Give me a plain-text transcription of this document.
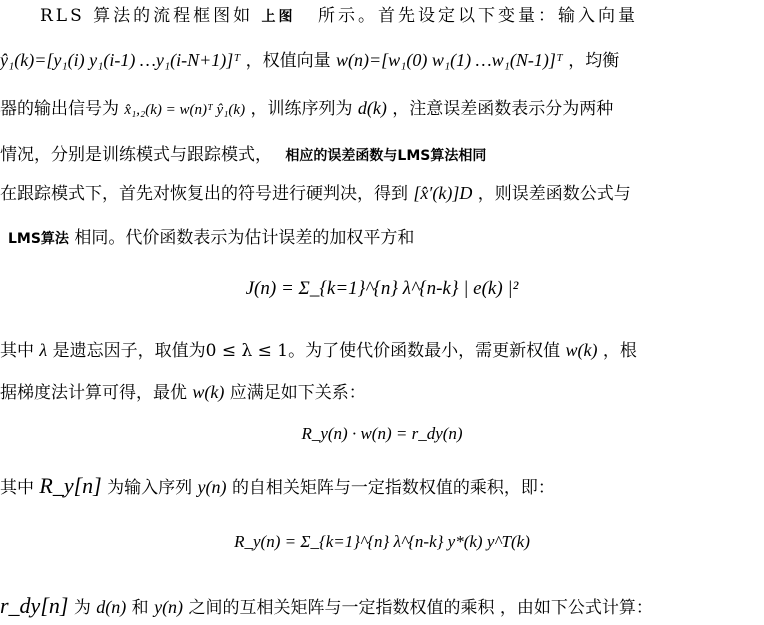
RLS 算法的流程框图如 上图 所示。首先设定以下变量：输入向量
ŷ₁(k)=[y₁(i) y₁(i-1) …y₁(i-N+1)]ᵀ ，权值向量 w(n)=[w₁(0) w₁(1) …w₁(N-1)]ᵀ ，均衡
器的输出信号为 x̂₁,₂(k) = w(n)ᵀ ŷ₁(k) ，训练序列为 d(k) ，注意误差函数表示分为两种
情况，分别是训练模式与跟踪模式， 相应的误差函数与LMS算法相同
在跟踪模式下，首先对恢复出的符号进行硬判决，得到 [x̂′(k)]D ，则误差函数公式与
LMS算法 相同。代价函数表示为估计误差的加权平方和
J(n) = Σ_{k=1}^{n} λ^{n-k} | e(k) |²
其中 λ 是遗忘因子，取值为0 ≤ λ ≤ 1。为了使代价函数最小，需更新权值 w(k) ，根
据梯度法计算可得，最优 w(k) 应满足如下关系：
R_y(n) · w(n) = r_dy(n)
其中 R_y[n] 为输入序列 y(n) 的自相关矩阵与一定指数权值的乘积，即：
R_y(n) = Σ_{k=1}^{n} λ^{n-k} y*(k) y^T(k)
r_dy[n] 为 d(n) 和 y(n) 之间的互相关矩阵与一定指数权值的乘积 ，由如下公式计算：
